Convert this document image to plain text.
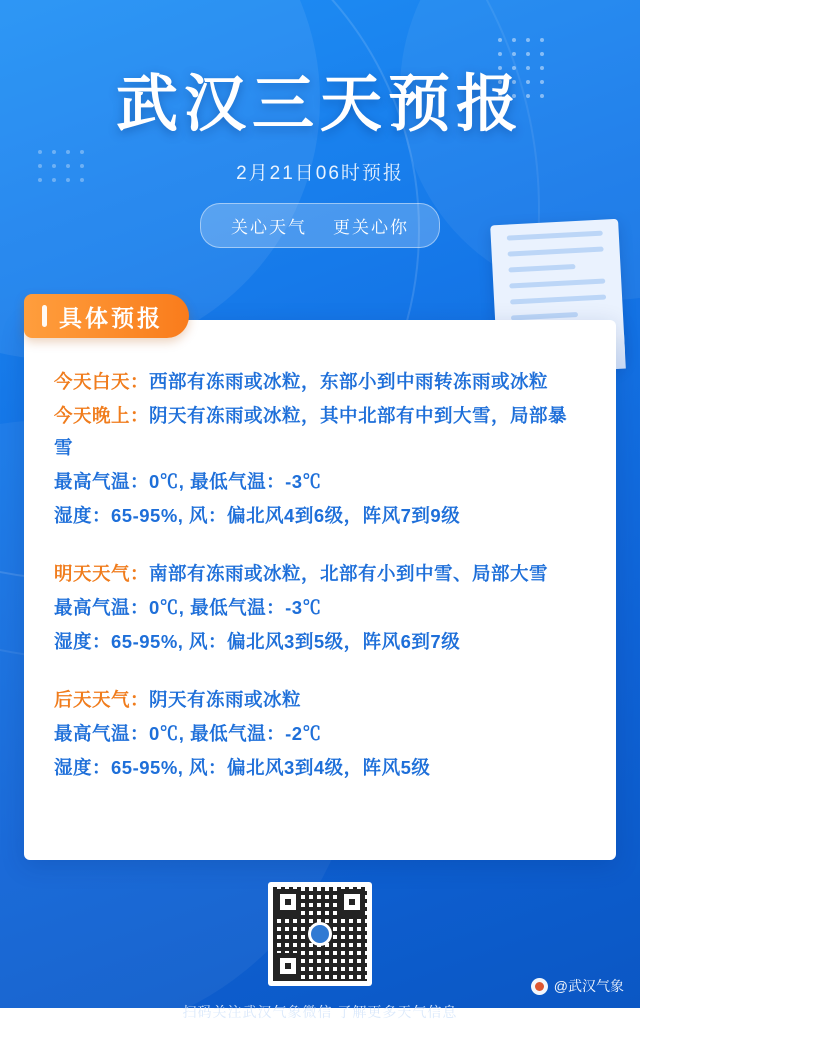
武汉三天预报
2月21日06时预报
关心天气 更关心你
具体预报
今天白天：西部有冻雨或冰粒，东部小到中雨转冻雨或冰粒
今天晚上：阴天有冻雨或冰粒，其中北部有中到大雪，局部暴雪
最高气温：0℃, 最低气温：-3℃
湿度：65-95%, 风：偏北风4到6级，阵风7到9级
明天天气：南部有冻雨或冰粒，北部有小到中雪、局部大雪
最高气温：0℃, 最低气温：-3℃
湿度：65-95%, 风：偏北风3到5级，阵风6到7级
后天天气：阴天有冻雨或冰粒
最高气温：0℃, 最低气温：-2℃
湿度：65-95%, 风：偏北风3到4级，阵风5级
扫码关注武汉气象微信 了解更多天气信息
@武汉气象
